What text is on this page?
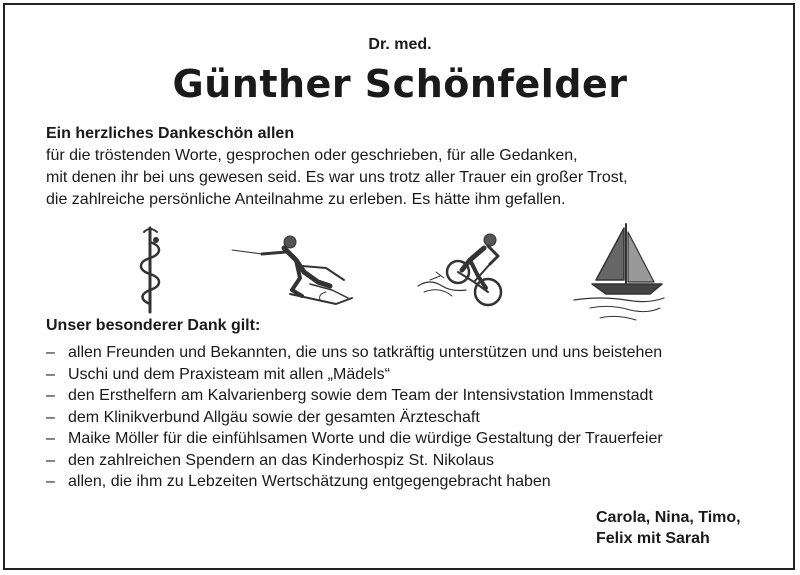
Dr. med.
Günther Schönfelder
Ein herzliches Dankeschön allen
für die tröstenden Worte, gesprochen oder geschrieben, für alle Gedanken,
mit denen ihr bei uns gewesen seid. Es war uns trotz aller Trauer ein großer Trost,
die zahlreiche persönliche Anteilnahme zu erleben. Es hätte ihm gefallen.
Unser besonderer Dank gilt:
– allen Freunden und Bekannten, die uns so tatkräftig unterstützen und uns beistehen
– Uschi und dem Praxisteam mit allen „Mädels“
– den Ersthelfern am Kalvarienberg sowie dem Team der Intensivstation Immenstadt
– dem Klinikverbund Allgäu sowie der gesamten Ärzteschaft
– Maike Möller für die einfühlsamen Worte und die würdige Gestaltung der Trauerfeier
– den zahlreichen Spendern an das Kinderhospiz St. Nikolaus
– allen, die ihm zu Lebzeiten Wertschätzung entgegengebracht haben
Carola, Nina, Timo,
Felix mit Sarah
